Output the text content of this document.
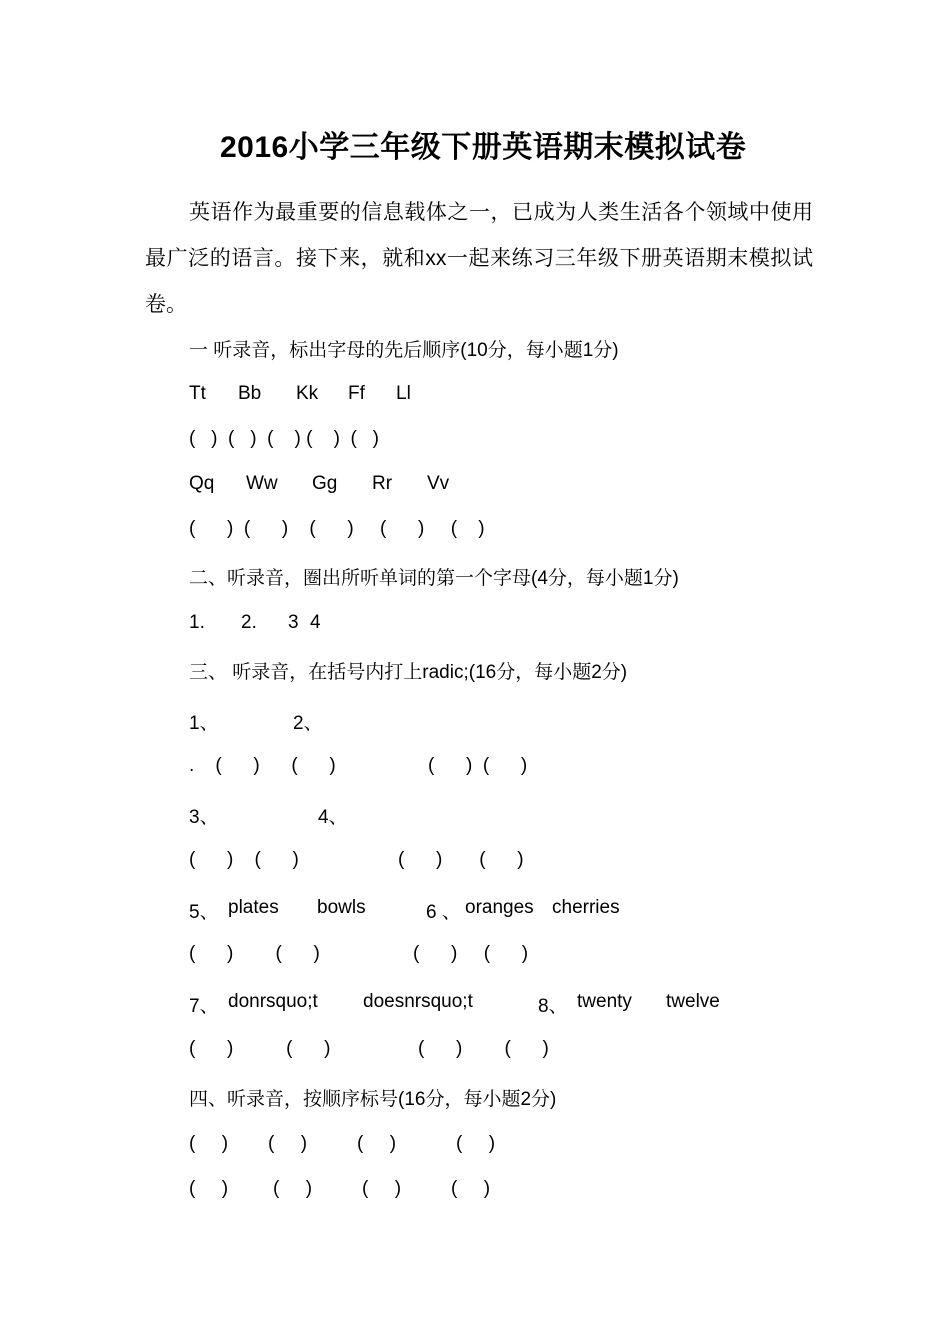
2016小学三年级下册英语期末模拟试卷
英语作为最重要的信息载体之一，已成为人类生活各个领域中使用最广泛的语言。接下来，就和xx一起来练习三年级下册英语期末模拟试卷。
一 听录音，标出字母的先后顺序(10分，每小题1分)
Tt Bb Kk Ff Ll
(   )  (   )  (    ) (    )  (   )
Qq Ww Gg Rr Vv
(      )  (      )    (      )     (      )     (    )
二、听录音，圈出所听单词的第一个字母(4分，每小题1分)
1. 2. 3 4
三、 听录音，在括号内打上radic;(16分，每小题2分)
1、	2、
.    (      )      (      )	(      )  (      )
3、	4、
(      )    (      )	(      )       (      )
5、 plates bowls	6 、 oranges cherries
(      )        (      )	(      )     (      )
7、 donrsquo;t doesnrsquo;t	8、 twenty twelve
(      )          (      )	(      )        (      )
四、听录音，按顺序标号(16分，每小题2分)
(     ) (     )	(     )	(     )
(     ) (     )	(     )	(     )
